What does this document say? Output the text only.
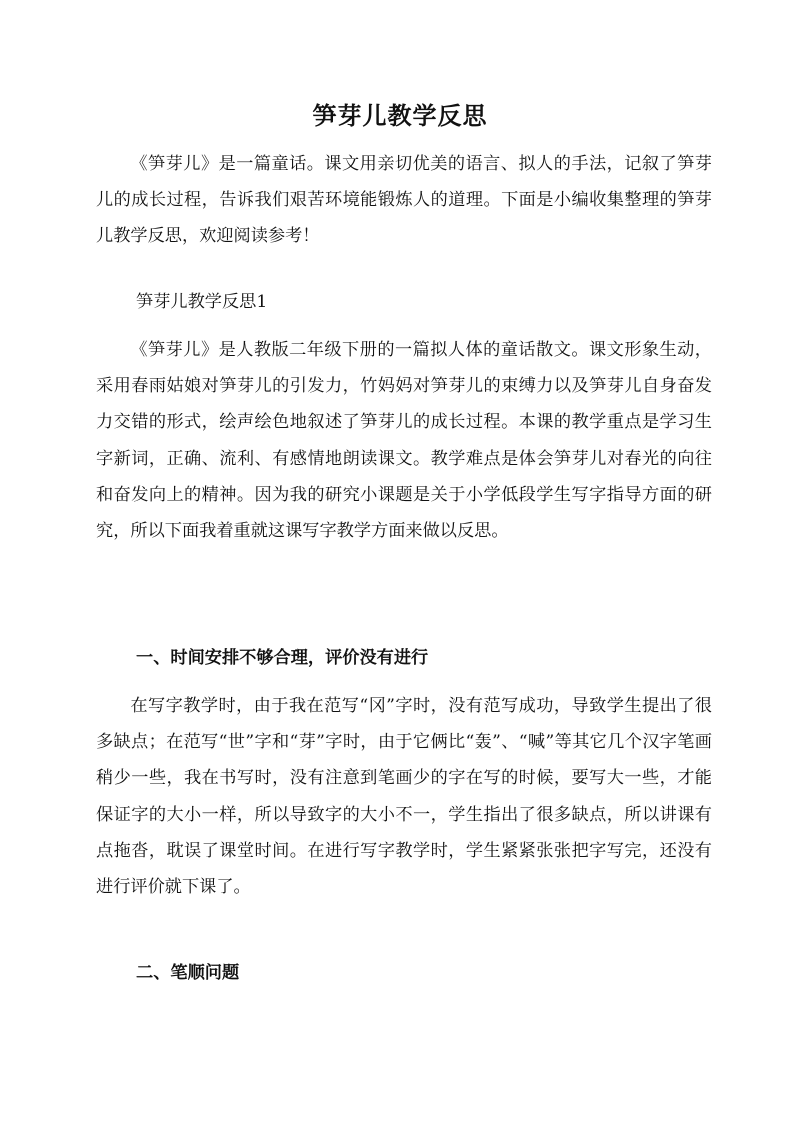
笋芽儿教学反思

《笋芽儿》是一篇童话。课文用亲切优美的语言、拟人的手法，记叙了笋芽儿的成长过程，告诉我们艰苦环境能锻炼人的道理。下面是小编收集整理的笋芽儿教学反思，欢迎阅读参考！

笋芽儿教学反思1

《笋芽儿》是人教版二年级下册的一篇拟人体的童话散文。课文形象生动，采用春雨姑娘对笋芽儿的引发力，竹妈妈对笋芽儿的束缚力以及笋芽儿自身奋发力交错的形式，绘声绘色地叙述了笋芽儿的成长过程。本课的教学重点是学习生字新词，正确、流利、有感情地朗读课文。教学难点是体会笋芽儿对春光的向往和奋发向上的精神。因为我的研究小课题是关于小学低段学生写字指导方面的研究，所以下面我着重就这课写字教学方面来做以反思。

一、时间安排不够合理，评价没有进行

在写字教学时，由于我在范写“冈”字时，没有范写成功，导致学生提出了很多缺点；在范写“世”字和“芽”字时，由于它俩比“轰”、“喊”等其它几个汉字笔画稍少一些，我在书写时，没有注意到笔画少的字在写的时候，要写大一些，才能保证字的大小一样，所以导致字的大小不一，学生指出了很多缺点，所以讲课有点拖沓，耽误了课堂时间。在进行写字教学时，学生紧紧张张把字写完，还没有进行评价就下课了。

二、笔顺问题
